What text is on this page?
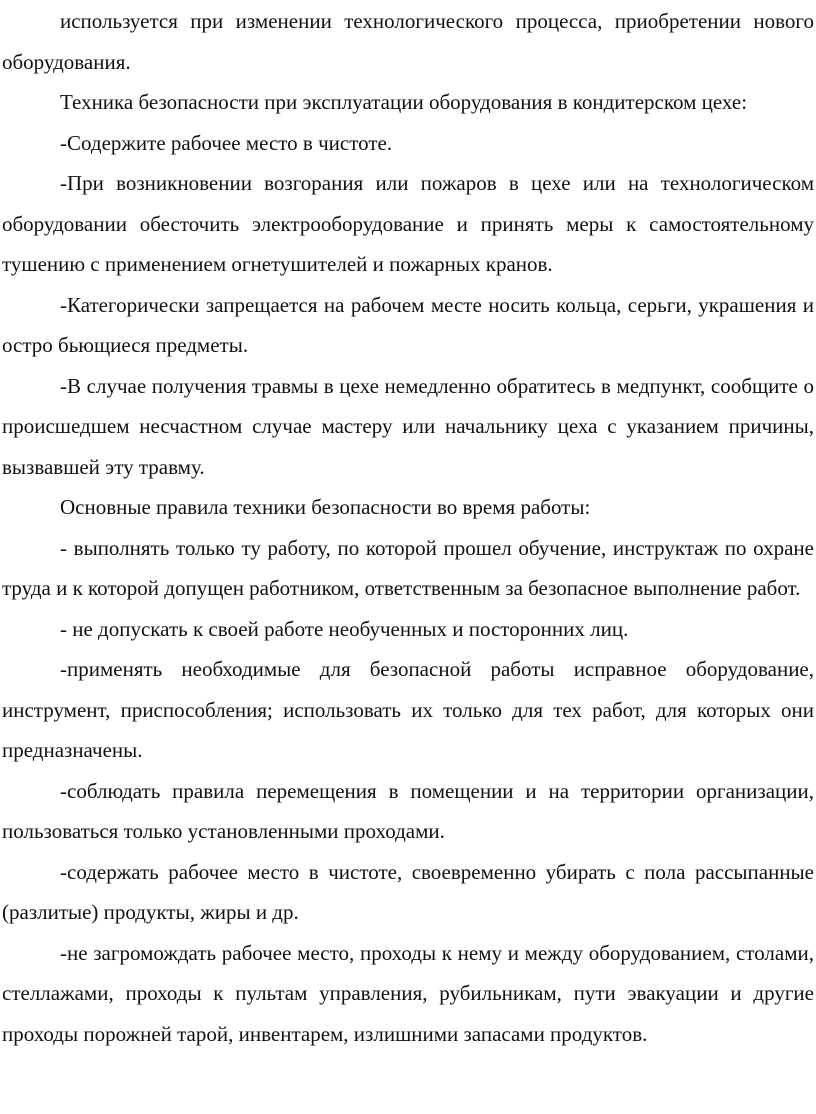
используется при изменении технологического процесса, приобретении нового оборудования.

Техника безопасности при эксплуатации оборудования в кондитерском цехе:

-Содержите рабочее место в чистоте.

-При возникновении возгорания или пожаров в цехе или на технологическом оборудовании обесточить электрооборудование и принять меры к самостоятельному тушению с применением огнетушителей и пожарных кранов.

-Категорически запрещается на рабочем месте носить кольца, серьги, украшения и остро бьющиеся предметы.

-В случае получения травмы в цехе немедленно обратитесь в медпункт, сообщите о происшедшем несчастном случае мастеру или начальнику цеха с указанием причины, вызвавшей эту травму.

Основные правила техники безопасности во время работы:

- выполнять только ту работу, по которой прошел обучение, инструктаж по охране труда и к которой допущен работником, ответственным за безопасное выполнение работ.

- не допускать к своей работе необученных и посторонних лиц.

-применять необходимые для безопасной работы исправное оборудование, инструмент, приспособления; использовать их только для тех работ, для которых они предназначены.

-соблюдать правила перемещения в помещении и на территории организации, пользоваться только установленными проходами.

-содержать рабочее место в чистоте, своевременно убирать с пола рассыпанные (разлитые) продукты, жиры и др.

-не загромождать рабочее место, проходы к нему и между оборудованием, столами, стеллажами, проходы к пультам управления, рубильникам, пути эвакуации и другие проходы порожней тарой, инвентарем, излишними запасами продуктов.
